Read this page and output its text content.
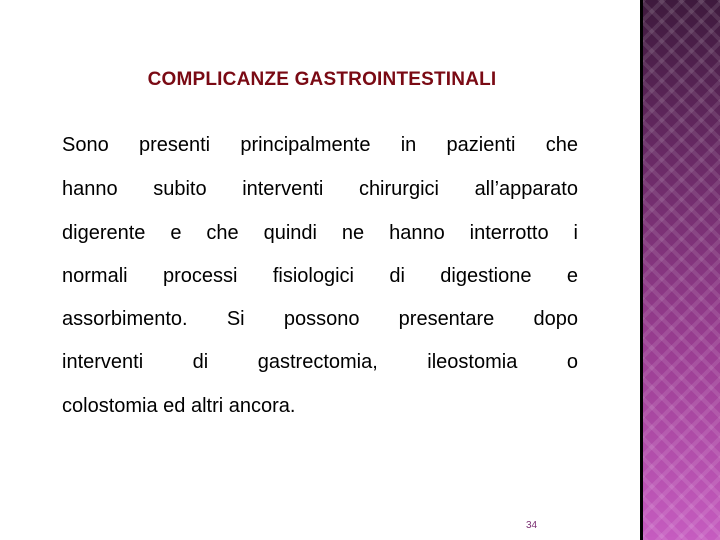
COMPLICANZE GASTROINTESTINALI
Sono presenti principalmente in pazienti che
hanno subito interventi chirurgici all’apparato
digerente e che quindi ne hanno interrotto i
normali processi fisiologici di digestione e
assorbimento. Si possono presentare dopo
interventi di gastrectomia, ileostomia o
colostomia ed altri ancora.
34
